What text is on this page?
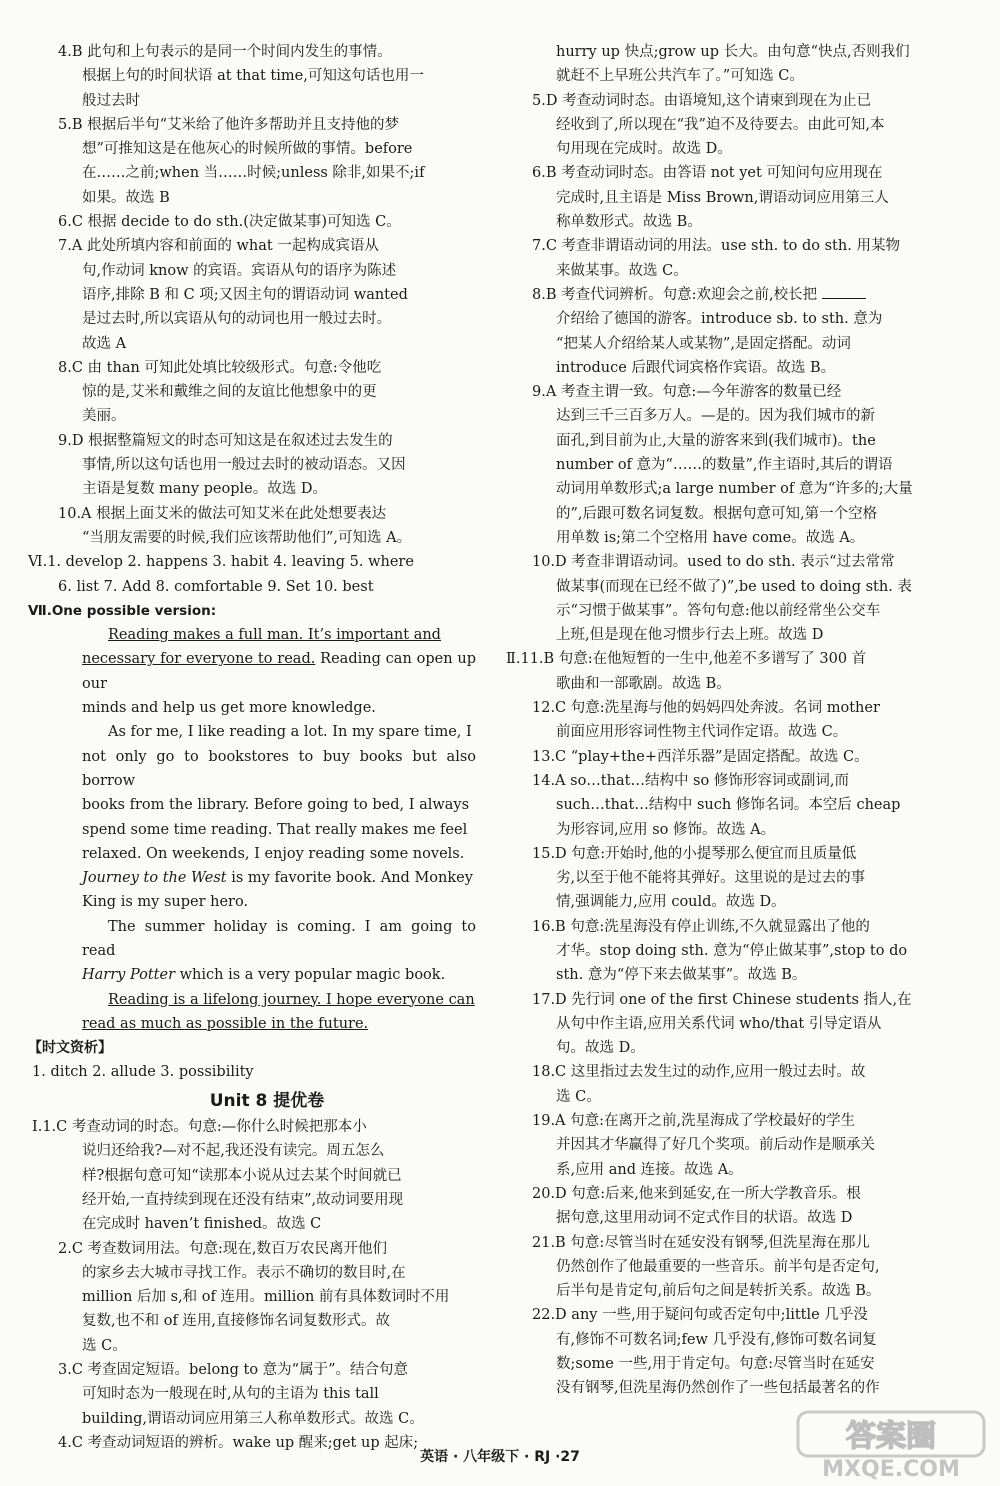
4.B 此句和上句表示的是同一个时间内发生的事情。
根据上句的时间状语 at that time,可知这句话也用一
般过去时
5.B 根据后半句“艾米给了他许多帮助并且支持他的梦
想”可推知这是在他灰心的时候所做的事情。before
在……之前;when 当……时候;unless 除非,如果不;if
如果。故选 B
6.C 根据 decide to do sth.(决定做某事)可知选 C。
7.A 此处所填内容和前面的 what 一起构成宾语从
句,作动词 know 的宾语。宾语从句的语序为陈述
语序,排除 B 和 C 项;又因主句的谓语动词 wanted
是过去时,所以宾语从句的动词也用一般过去时。
故选 A
8.C 由 than 可知此处填比较级形式。句意:令他吃
惊的是,艾米和戴维之间的友谊比他想象中的更
美丽。
9.D 根据整篇短文的时态可知这是在叙述过去发生的
事情,所以这句话也用一般过去时的被动语态。又因
主语是复数 many people。故选 D。
10.A 根据上面艾米的做法可知艾米在此处想要表达
“当朋友需要的时候,我们应该帮助他们”,可知选 A。
Ⅵ.1. develop 2. happens 3. habit 4. leaving 5. where
6. list 7. Add 8. comfortable 9. Set 10. best
Ⅶ.One possible version:

Reading makes a full man. It’s important and

necessary for everyone to read. Reading can open up our

minds and help us get more knowledge.

As for me, I like reading a lot. In my spare time, I

not only go to bookstores to buy books but also borrow

books from the library. Before going to bed, I always

spend some time reading. That really makes me feel

relaxed. On weekends, I enjoy reading some novels.

Journey to the West is my favorite book. And Monkey

King is my super hero.

The summer holiday is coming. I am going to read

Harry Potter which is a very popular magic book.

Reading is a lifelong journey. I hope everyone can

read as much as possible in the future.

【时文资析】
1. ditch 2. allude 3. possibility
Unit 8 提优卷
Ⅰ.1.C 考查动词的时态。句意:—你什么时候把那本小
说归还给我?—对不起,我还没有读完。周五怎么
样?根据句意可知“读那本小说从过去某个时间就已
经开始,一直持续到现在还没有结束”,故动词要用现
在完成时 haven’t finished。故选 C
2.C 考查数词用法。句意:现在,数百万农民离开他们
的家乡去大城市寻找工作。表示不确切的数目时,在
million 后加 s,和 of 连用。million 前有具体数词时不用
复数,也不和 of 连用,直接修饰名词复数形式。故
选 C。
3.C 考查固定短语。belong to 意为“属于”。结合句意
可知时态为一般现在时,从句的主语为 this tall
building,谓语动词应用第三人称单数形式。故选 C。
4.C 考查动词短语的辨析。wake up 醒来;get up 起床;
hurry up 快点;grow up 长大。由句意“快点,否则我们
就赶不上早班公共汽车了。”可知选 C。
5.D 考查动词时态。由语境知,这个请柬到现在为止已
经收到了,所以现在“我”迫不及待要去。由此可知,本
句用现在完成时。故选 D。
6.B 考查动词时态。由答语 not yet 可知问句应用现在
完成时,且主语是 Miss Brown,谓语动词应用第三人
称单数形式。故选 B。
7.C 考查非谓语动词的用法。use sth. to do sth. 用某物
来做某事。故选 C。
8.B 考查代词辨析。句意:欢迎会之前,校长把
介绍给了德国的游客。introduce sb. to sth. 意为
“把某人介绍给某人或某物”,是固定搭配。动词
introduce 后跟代词宾格作宾语。故选 B。
9.A 考查主谓一致。句意:—今年游客的数量已经
达到三千三百多万人。—是的。因为我们城市的新
面孔,到目前为止,大量的游客来到(我们城市)。the
number of 意为“……的数量”,作主语时,其后的谓语
动词用单数形式;a large number of 意为“许多的;大量
的”,后跟可数名词复数。根据句意可知,第一个空格
用单数 is;第二个空格用 have come。故选 A。
10.D 考查非谓语动词。used to do sth. 表示“过去常常
做某事(而现在已经不做了)”,be used to doing sth. 表
示“习惯于做某事”。答句句意:他以前经常坐公交车
上班,但是现在他习惯步行去上班。故选 D
Ⅱ.11.B 句意:在他短暂的一生中,他差不多谱写了 300 首
歌曲和一部歌剧。故选 B。
12.C 句意:洗星海与他的妈妈四处奔波。名词 mother
前面应用形容词性物主代词作定语。故选 C。
13.C “play+the+西洋乐器”是固定搭配。故选 C。
14.A so…that…结构中 so 修饰形容词或副词,而
such…that…结构中 such 修饰名词。本空后 cheap
为形容词,应用 so 修饰。故选 A。
15.D 句意:开始时,他的小提琴那么便宜而且质量低
劣,以至于他不能将其弹好。这里说的是过去的事
情,强调能力,应用 could。故选 D。
16.B 句意:洗星海没有停止训练,不久就显露出了他的
才华。stop doing sth. 意为“停止做某事”,stop to do
sth. 意为“停下来去做某事”。故选 B。
17.D 先行词 one of the first Chinese students 指人,在
从句中作主语,应用关系代词 who/that 引导定语从
句。故选 D。
18.C 这里指过去发生过的动作,应用一般过去时。故
选 C。
19.A 句意:在离开之前,洗星海成了学校最好的学生
并因其才华赢得了好几个奖项。前后动作是顺承关
系,应用 and 连接。故选 A。
20.D 句意:后来,他来到延安,在一所大学教音乐。根
据句意,这里用动词不定式作目的状语。故选 D
21.B 句意:尽管当时在延安没有钢琴,但洗星海在那儿
仍然创作了他最重要的一些音乐。前半句是否定句,
后半句是肯定句,前后句之间是转折关系。故选 B。
22.D any 一些,用于疑问句或否定句中;little 几乎没
有,修饰不可数名词;few 几乎没有,修饰可数名词复
数;some 一些,用于肯定句。句意:尽管当时在延安
没有钢琴,但洗星海仍然创作了一些包括最著名的作
英语 · 八年级下 · RJ ·27
答案圈
MXQE.COM
